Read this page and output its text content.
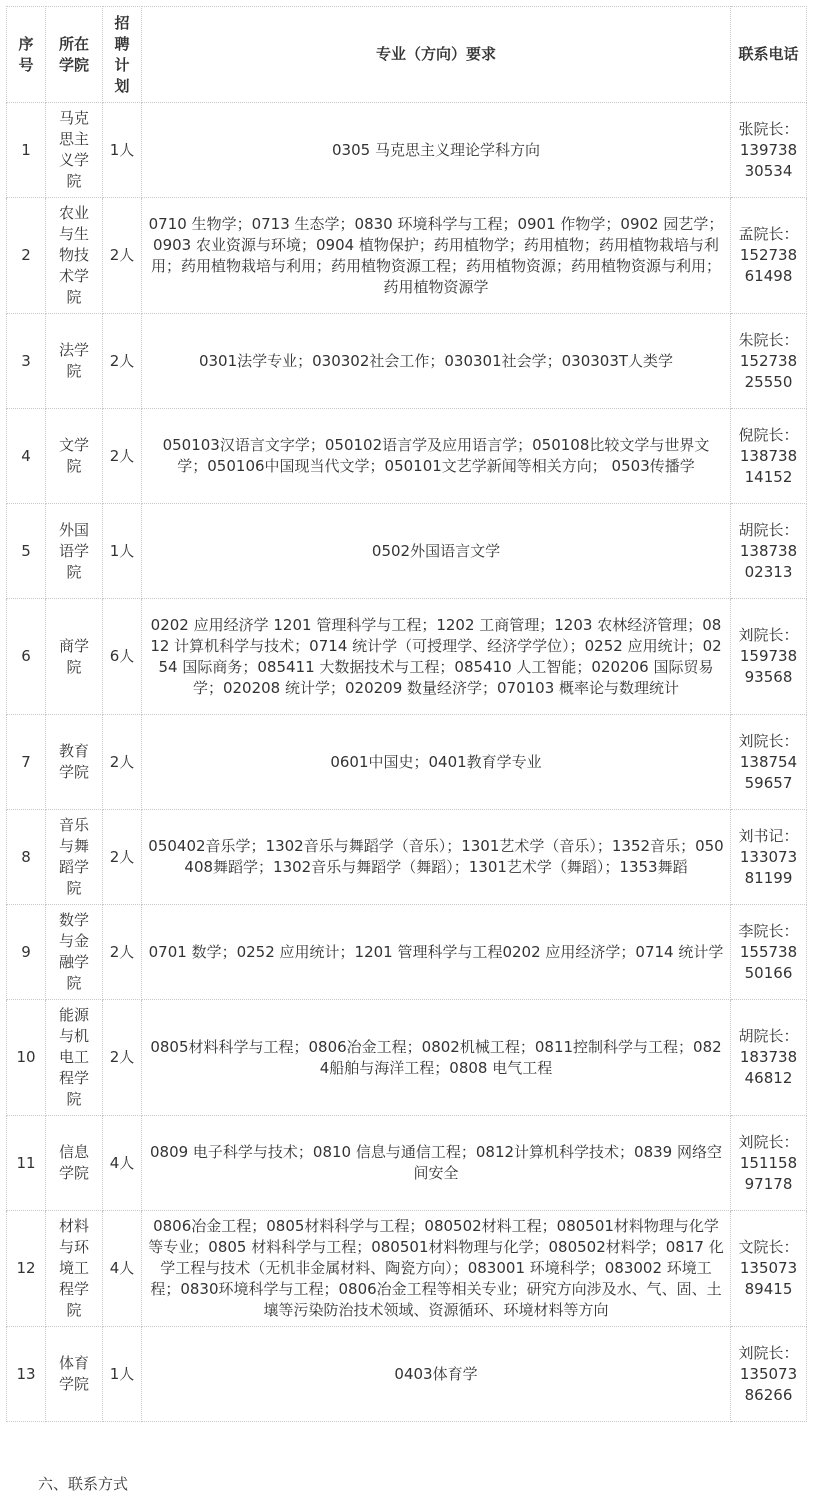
序号	所在学院	招聘计划	专业（方向）要求	联系电话
1	马克思主义学院	1人	0305 马克思主义理论学科方向	张院长：13973830534
2	农业与生物技术学院	2人	0710 生物学；0713 生态学；0830 环境科学与工程；0901 作物学；0902 园艺学；0903 农业资源与环境；0904 植物保护；药用植物学；药用植物；药用植物栽培与利用；药用植物栽培与利用；药用植物资源工程；药用植物资源；药用植物资源与利用；药用植物资源学	孟院长：15273861498
3	法学院	2人	0301法学专业；030302社会工作；030301社会学；030303T人类学	朱院长：15273825550
4	文学院	2人	050103汉语言文字学；050102语言学及应用语言学；050108比较文学与世界文学；050106中国现当代文学；050101文艺学新闻等相关方向； 0503传播学	倪院长：13873814152
5	外国语学院	1人	0502外国语言文学	胡院长：13873802313
6	商学院	6人	0202 应用经济学 1201 管理科学与工程；1202 工商管理；1203 农林经济管理；0812 计算机科学与技术；0714 统计学（可授理学、经济学学位）；0252 应用统计；0254 国际商务；085411 大数据技术与工程；085410 人工智能；020206 国际贸易学；020208 统计学；020209 数量经济学；070103 概率论与数理统计	刘院长：15973893568
7	教育学院	2人	0601中国史；0401教育学专业	刘院长：13875459657
8	音乐与舞蹈学院	2人	050402音乐学；1302音乐与舞蹈学（音乐）；1301艺术学（音乐）；1352音乐；050408舞蹈学；1302音乐与舞蹈学（舞蹈）；1301艺术学（舞蹈）；1353舞蹈	刘书记：13307381199
9	数学与金融学院	2人	0701 数学；0252 应用统计；1201 管理科学与工程0202 应用经济学；0714 统计学	李院长：15573850166
10	能源与机电工程学院	2人	0805材料科学与工程；0806冶金工程；0802机械工程；0811控制科学与工程；0824船舶与海洋工程；0808 电气工程	胡院长：18373846812
11	信息学院	4人	0809 电子科学与技术；0810 信息与通信工程；0812计算机科学技术；0839 网络空间安全	刘院长：15115897178
12	材料与环境工程学院	4人	0806冶金工程；0805材料科学与工程；080502材料工程；080501材料物理与化学等专业；0805 材料科学与工程；080501材料物理与化学；080502材料学；0817 化学工程与技术（无机非金属材料、陶瓷方向）；083001 环境科学；083002 环境工程；0830环境科学与工程；0806冶金工程等相关专业；研究方向涉及水、气、固、土壤等污染防治技术领域、资源循环、环境材料等方向	文院长：13507389415
13	体育学院	1人	0403体育学	刘院长：13507386266
六、联系方式
